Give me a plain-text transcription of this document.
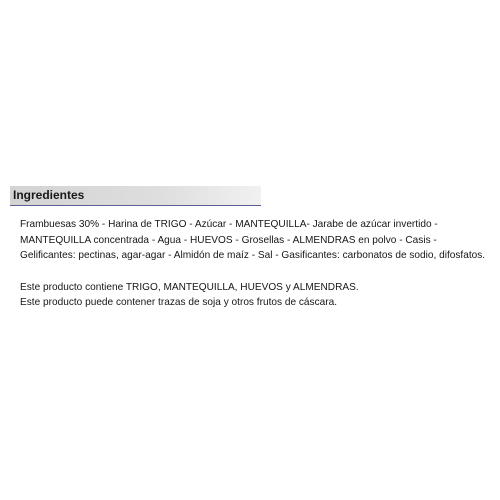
Ingredientes

Frambuesas 30% - Harina de TRIGO - Azúcar - MANTEQUILLA- Jarabe de azúcar invertido - MANTEQUILLA concentrada - Agua - HUEVOS - Grosellas - ALMENDRAS en polvo - Casis - Gelificantes: pectinas, agar-agar - Almidón de maíz - Sal - Gasificantes: carbonatos de sodio, difosfatos.

Este producto contiene TRIGO, MANTEQUILLA, HUEVOS y ALMENDRAS.

Este producto puede contener trazas de soja y otros frutos de cáscara.
